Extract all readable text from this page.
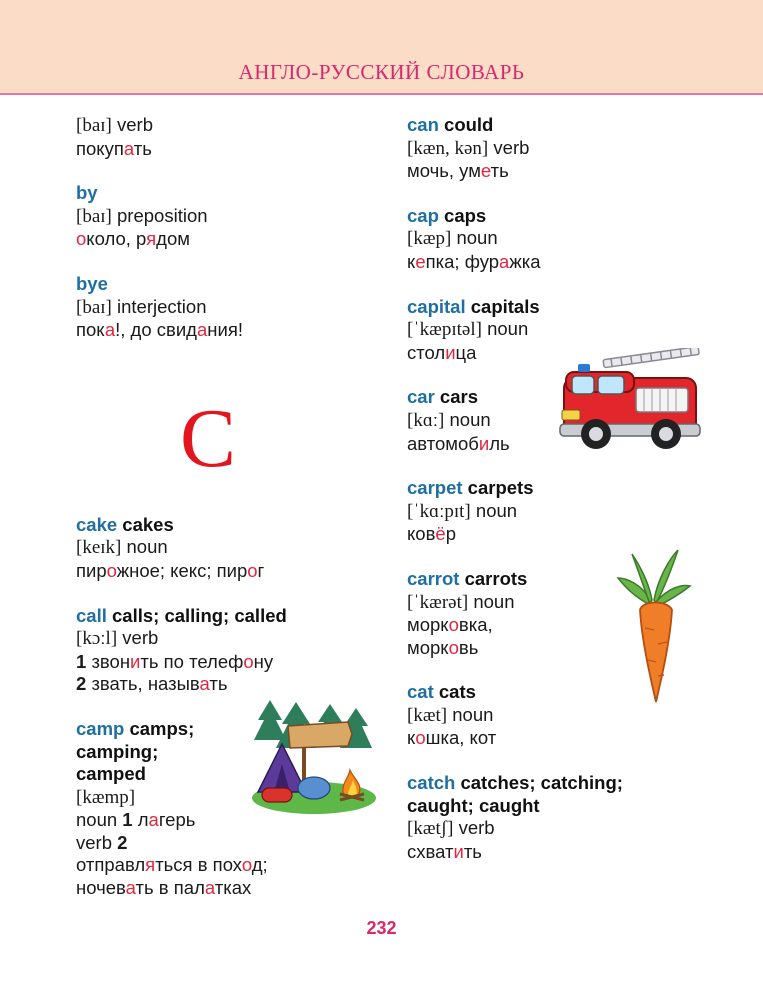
АНГЛО-РУССКИЙ СЛОВАРЬ
[baɪ] verb
покупать
by
[baɪ] preposition
около, рядом
bye
[baɪ] interjection
пока!, до свидания!
C
cake cakes
[keɪk] noun
пирожное; кекс; пирог
call calls; calling; called
[kɔːl] verb
1 звонить по телефону
2 звать, называть
camp camps;
camping;
camped
[kæmp]
noun 1 лагерь
verb 2
отправляться в поход;
ночевать в палатках
can could
[kæn, kən] verb
мочь, уметь
cap caps
[kæp] noun
кепка; фуражка
capital capitals
[ˈkæpɪtəl] noun
столица
car cars
[kɑː] noun
автомобиль
carpet carpets
[ˈkɑːpɪt] noun
ковёр
carrot carrots
[ˈkærət] noun
морковка,
морковь
cat cats
[kæt] noun
кошка, кот
catch catches; catching;
caught; caught
[kætʃ] verb
схватить
232
